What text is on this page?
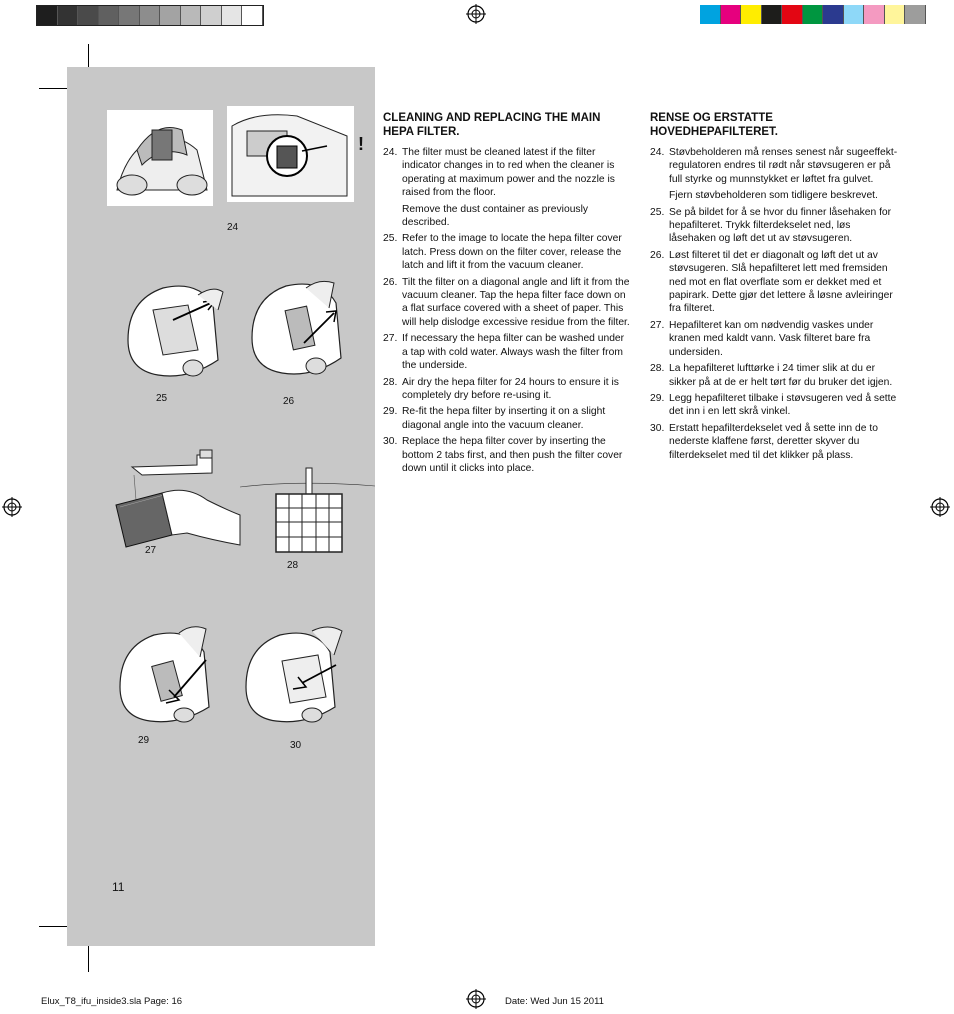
!
24
25	26
27
28
29	30
11
CLEANING AND REPLACING THE MAIN HEPA FILTER.
24. The filter must be cleaned latest if the filter indicator changes in to red when the cleaner is operating at maximum power and the nozzle is raised from the floor.
Remove the dust container as previously described.
25. Refer to the image to locate the hepa filter cover latch. Press down on the filter cover, release the latch and lift it from the vacuum cleaner.
26. Tilt the filter on a diagonal angle and lift it from the vacuum cleaner. Tap the hepa filter face down on a flat surface covered with a sheet of paper. This will help dislodge excessive residue from the filter.
27. If necessary the hepa filter can be washed under a tap with cold water. Always wash the filter from the underside.
28. Air dry the hepa filter for 24 hours to ensure it is completely dry before re-using it.
29. Re-fit the hepa filter by inserting it on a slight diagonal angle into the vacuum cleaner.
30. Replace the hepa filter cover by inserting the bottom 2 tabs first, and then push the filter cover down until it clicks into place.
RENSE OG ERSTATTE HOVEDHEPAFILTERET.
24. Støvbeholderen må renses senest når sugeeffekt-regulatoren endres til rødt når støvsugeren er på full styrke og munnstykket er løftet fra gulvet.
Fjern støvbeholderen som tidligere beskrevet.
25. Se på bildet for å se hvor du finner låsehaken for hepafilteret. Trykk filterdekselet ned, løs låsehaken og løft det ut av støvsugeren.
26. Løst filteret til det er diagonalt og løft det ut av støvsugeren. Slå hepafilteret lett med fremsiden ned mot en flat overflate som er dekket med et papirark. Dette gjør det lettere å løsne avleiringer fra filteret.
27. Hepafilteret kan om nødvendig vaskes under kranen med kaldt vann. Vask filteret bare fra undersiden.
28. La hepafilteret lufttørke i 24 timer slik at du er sikker på at de er helt tørt før du bruker det igjen.
29. Legg hepafilteret tilbake i støvsugeren ved å sette det inn i en lett skrå vinkel.
30. Erstatt hepafilterdekselet ved å sette inn de to nederste klaffene først, deretter skyver du filterdekselet med til det klikker på plass.
Elux_T8_ifu_inside3.sla Page: 16	Date: Wed Jun 15 2011
